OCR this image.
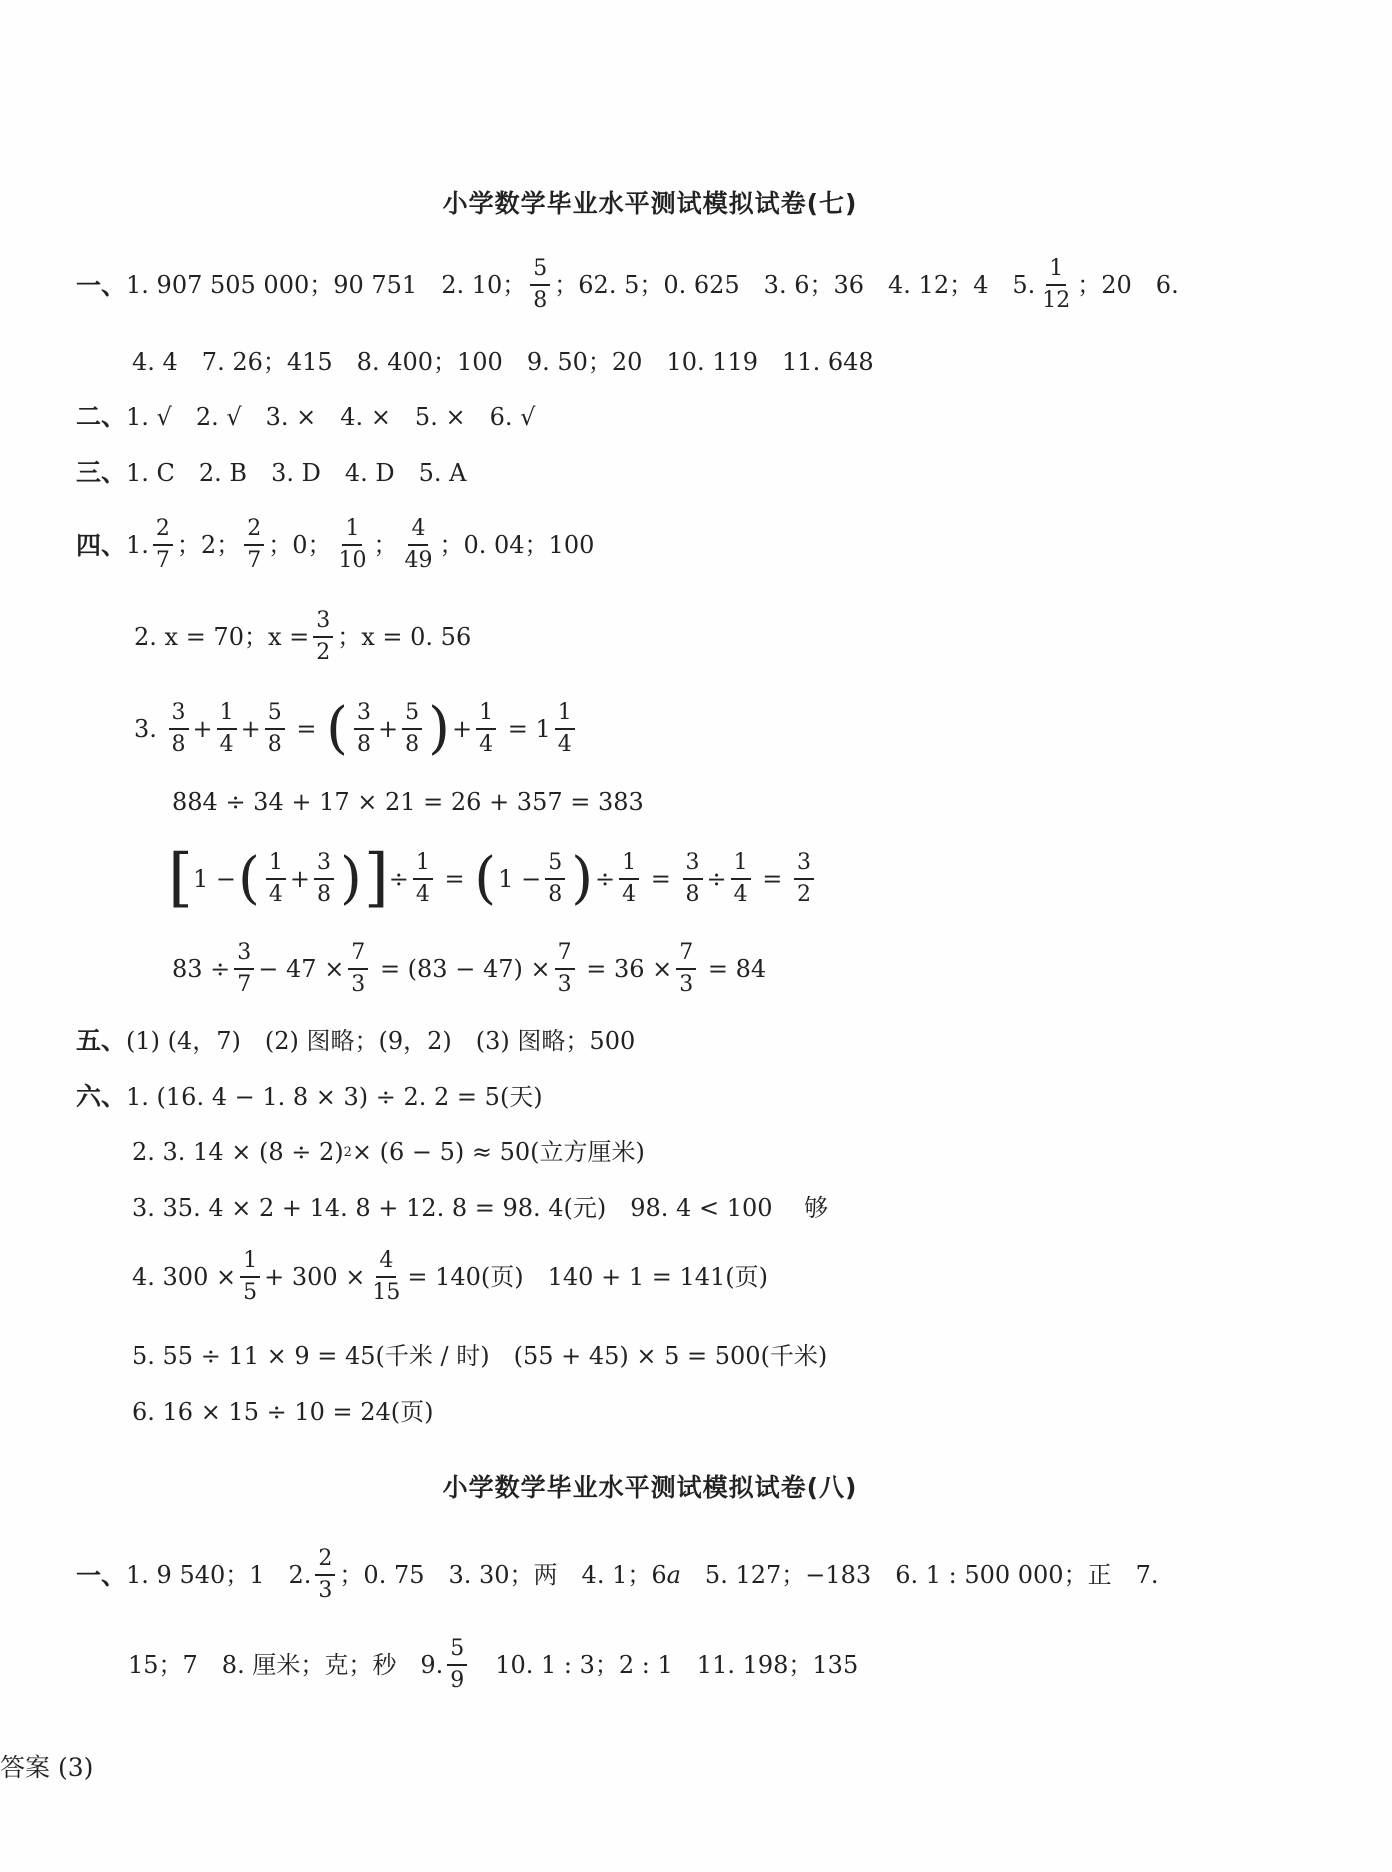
小学数学毕业水平测试模拟试卷(七)
一、 1. 907 505 000；90 751　2. 10； $\frac{5}{8}$ ；62. 5；0. 625　3. 6；36　4. 12；4　5. $\frac{1}{12}$ ；20　6.
4. 4　7. 26；415　8. 400；100　9. 50；20　10. 119　11. 648
二、 1. √　2. √　3. ×　4. ×　5. ×　6. √
三、 1. C　2. B　3. D　4. D　5. A
四、 1. $\frac{2}{7}$ ；2； $\frac{2}{7}$ ；0； $\frac{1}{10}$ ； $\frac{4}{49}$ ；0. 04；100
2. x = 70；$x = \frac{3}{2}$ ；x = 0. 56
3.
$\frac{3}{8} + \frac{1}{4} + \frac{5}{8}$
=
( $\frac{3}{8} + \frac{5}{8}$ ) + $\frac{1}{4}$
=
$1 \frac{1}{4}$
884 ÷ 34 + 17 × 21 = 26 + 357 = 383
[ 1
− ( $\frac{1}{4} + \frac{3}{8}$ ) ] ÷ $\frac{1}{4}$
=
( 1
− $\frac{5}{8}$ ) ÷ $\frac{1}{4}$
=
$\frac{3}{8} \div \frac{1}{4}$
=
$\frac{3}{2}$
$83 \div \frac{3}{7} - 47 \times \frac{7}{3}$
= $(83 - 47) \times \frac{7}{3}$
= $36 \times \frac{7}{3}$
= 84
五、 (1) (4，7)　(2) 图略；(9，2)　(3) 图略；500
六、 1. (16. 4 − 1. 8 × 3) ÷ 2. 2 = 5(天)
2. 3. 14 × (8 ÷ 2) 2 × (6 − 5) ≈ 50(立方厘米)
3. 35. 4 × 2 + 14. 8 + 12. 8 = 98. 4(元)　98. 4 < 100　 够
4. $300 \times \frac{1}{5} + 300 \times \frac{4}{15} = 140$(页)　140 + 1 = 141(页)
5. 55 ÷ 11 × 9 = 45(千米 / 时)　(55 + 45) × 5 = 500(千米)
6. 16 × 15 ÷ 10 = 24(页)
小学数学毕业水平测试模拟试卷(八)
一、 1. 9 540；1　2. $\frac{2}{3}$ ；0. 75　3. 30；两　4. 1；6 a 　5. 127；−183　6. 1 : 500 000；正　7.
15；7　8. 厘米；克；秒　9. $\frac{5}{9}$ 　10. 1 : 3；2 : 1　11. 198；135
答案 (3)
